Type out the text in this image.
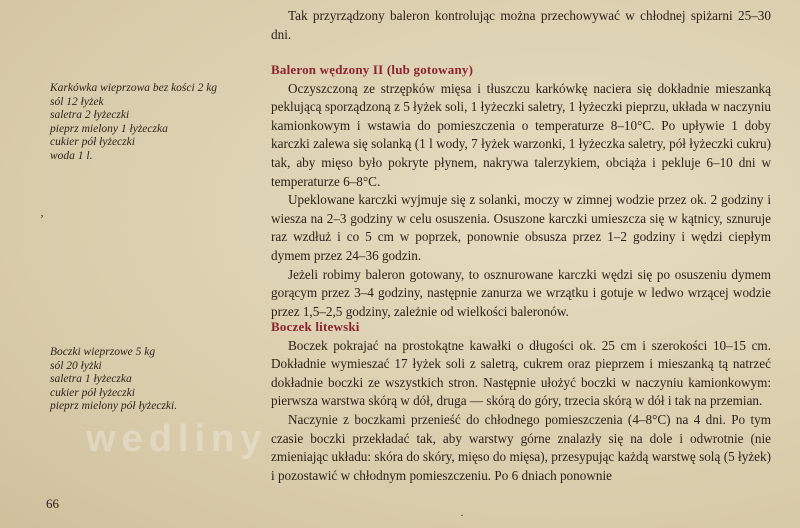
wedliny

Tak przyrządzony baleron kontrolując można przechowywać w chłodnej spiżarni 25–30 dni.

Karkówka wieprzowa bez kości 2 kg
sól 12 łyżek
saletra 2 łyżeczki
pieprz mielony 1 łyżeczka
cukier pół łyżeczki
woda 1 l.
Baleron wędzony II (lub gotowany)

Oczyszczoną ze strzępków mięsa i tłuszczu karkówkę naciera się dokładnie mieszanką peklującą sporządzoną z 5 łyżek soli, 1 łyżeczki saletry, 1 łyżeczki pieprzu, układa w naczyniu kamionkowym i wstawia do pomieszczenia o temperaturze 8–10°C. Po upływie 1 doby karczki zalewa się solanką (1 l wody, 7 łyżek warzonki, 1 łyżeczka saletry, pół łyżeczki cukru) tak, aby mięso było pokryte płynem, nakrywa talerzykiem, obciąża i pekluje 6–10 dni w temperaturze 6–8°C.

Upeklowane karczki wyjmuje się z solanki, moczy w zimnej wodzie przez ok. 2 godziny i wiesza na 2–3 godziny w celu osuszenia. Osuszone karczki umieszcza się w kątnicy, sznuruje raz wzdłuż i co 5 cm w poprzek, ponownie obsusza przez 1–2 godziny i wędzi ciepłym dymem przez 24–36 godzin.

Jeżeli robimy baleron gotowany, to osznurowane karczki wędzi się po osuszeniu dymem gorącym przez 3–4 godziny, następnie zanurza we wrzątku i gotuje w ledwo wrzącej wodzie przez 1,5–2,5 godziny, zależnie od wielkości baleronów.

Boczki wieprzowe 5 kg
sól 20 łyżki
saletra 1 łyżeczka
cukier pół łyżeczki
pieprz mielony pół łyżeczki.
Boczek litewski

Boczek pokrajać na prostokątne kawałki o długości ok. 25 cm i szerokości 10–15 cm. Dokładnie wymieszać 17 łyżek soli z saletrą, cukrem oraz pieprzem i mieszanką tą natrzeć dokładnie boczki ze wszystkich stron. Następnie ułożyć boczki w naczyniu kamionkowym: pierwsza warstwa skórą w dół, druga — skórą do góry, trzecia skórą w dół i tak na przemian.

Naczynie z boczkami przenieść do chłodnego pomieszczenia (4–8°C) na 4 dni. Po tym czasie boczki przekładać tak, aby warstwy górne znalazły się na dole i odwrotnie (nie zmieniając układu: skóra do skóry, mięso do mięsa), przesypując każdą warstwę solą (5 łyżek) i pozostawić w chłodnym pomieszczeniu. Po 6 dniach ponownie

ʼ
·
66
